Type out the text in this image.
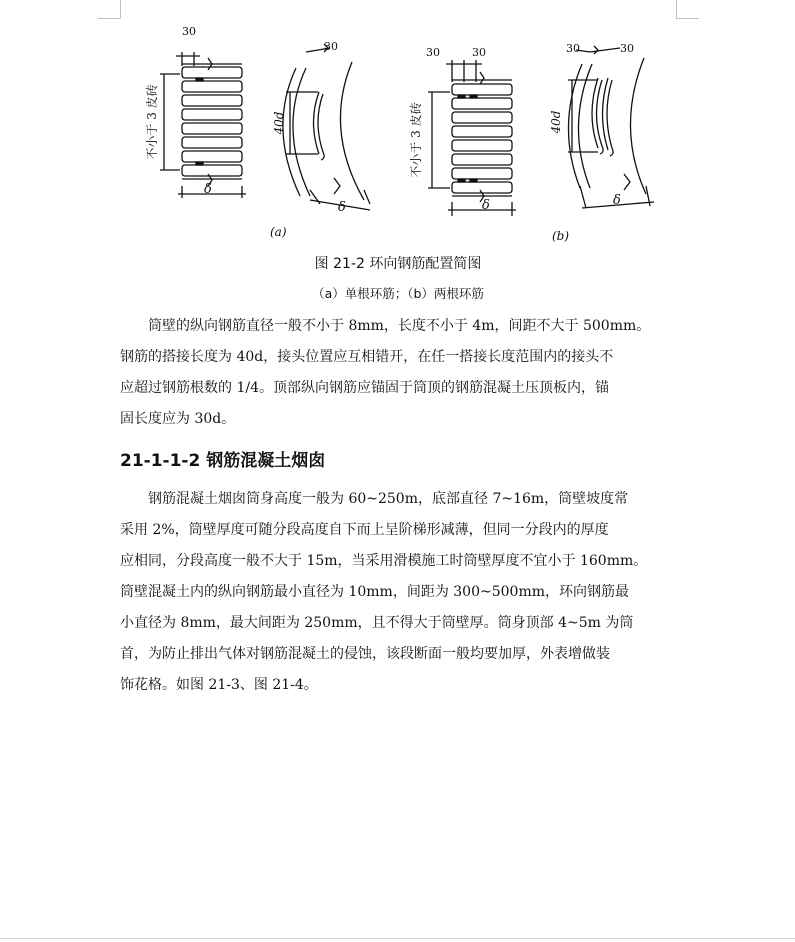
30
δ
不小于 3 皮砖
30
40d
δ
(a)
30	30
δ
不小于 3 皮砖
30	30
40d
δ
(b)
图 21-2 环向钢筋配置简图
（a）单根环筋；（b）两根环筋
筒壁的纵向钢筋直径一般不小于 8mm，长度不小于 4m，间距不大于 500mm。
钢筋的搭接长度为 40d，接头位置应互相错开，在任一搭接长度范围内的接头不
应超过钢筋根数的 1/4。顶部纵向钢筋应锚固于筒顶的钢筋混凝土压顶板内，锚
固长度应为 30d。
21-1-1-2 钢筋混凝土烟囱
钢筋混凝土烟囱筒身高度一般为 60~250m，底部直径 7~16m，筒壁坡度常
采用 2%，筒壁厚度可随分段高度自下而上呈阶梯形减薄，但同一分段内的厚度
应相同，分段高度一般不大于 15m，当采用滑模施工时筒壁厚度不宜小于 160mm。
筒壁混凝土内的纵向钢筋最小直径为 10mm，间距为 300~500mm，环向钢筋最
小直径为 8mm，最大间距为 250mm，且不得大于筒壁厚。筒身顶部 4~5m 为筒
首，为防止排出气体对钢筋混凝土的侵蚀，该段断面一般均要加厚，外表增做装
饰花格。如图 21-3、图 21-4。
